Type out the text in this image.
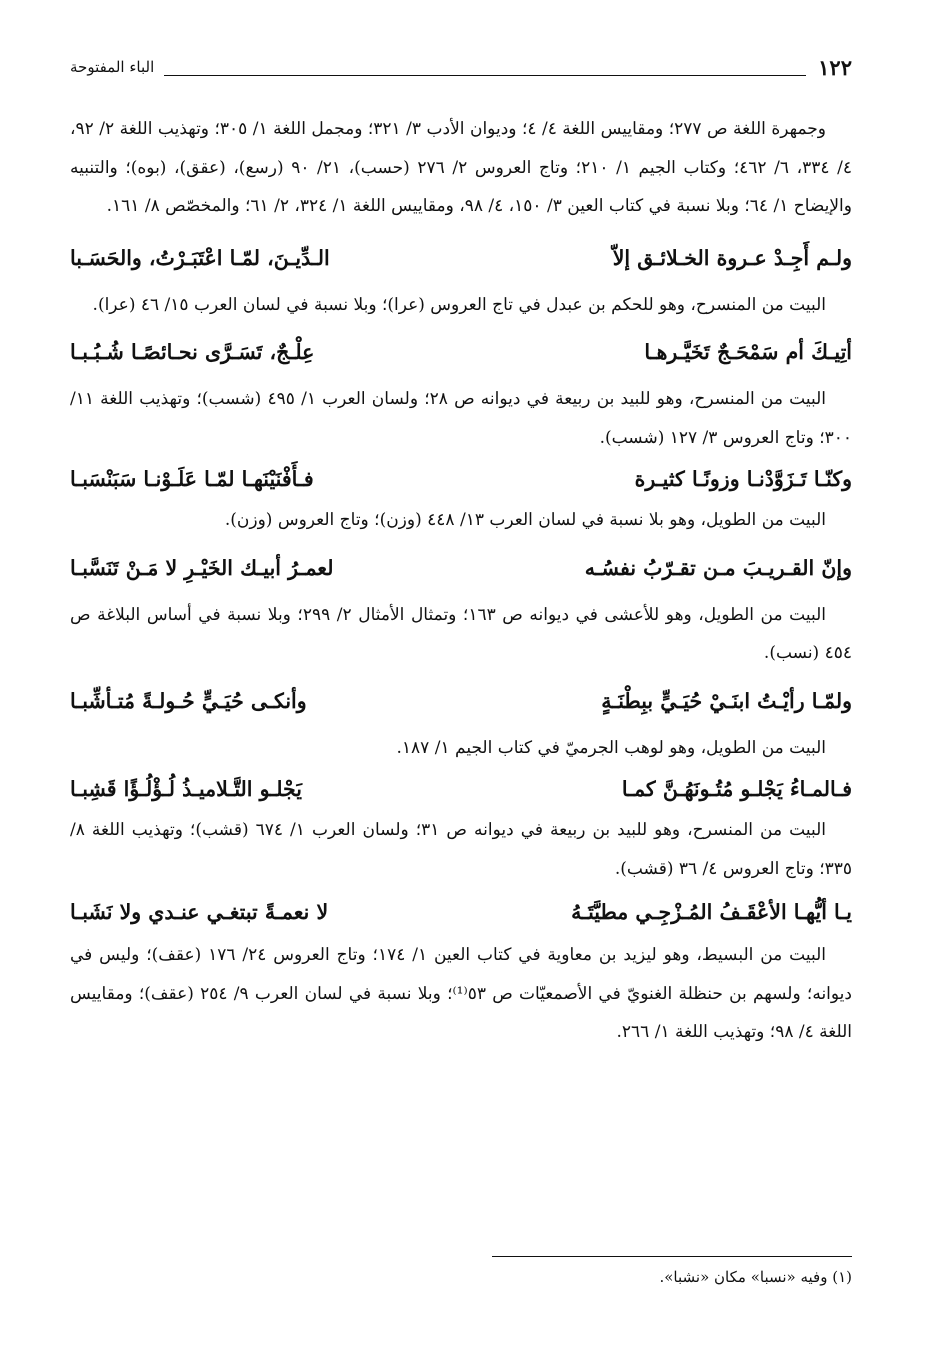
١٢٢
الباء المفتوحة

وجمهرة اللغة ص ٢٧٧؛ ومقاييس اللغة ٤/ ٤؛ وديوان الأدب ٣/ ٣٢١؛ ومجمل اللغة ١/ ٣٠٥؛ وتهذيب اللغة ٢/ ٩٢، ٤/ ٣٣٤، ٦/ ٤٦٢؛ وكتاب الجيم ١/ ٢١٠؛ وتاج العروس ٢/ ٢٧٦ (حسب)، ٢١/ ٩٠ (رسع)، (عقق)، (بوه)؛ والتنبيه والإيضاح ١/ ٦٤؛ وبلا نسبة في كتاب العين ٣/ ١٥٠، ٤/ ٩٨، ومقاييس اللغة ١/ ٣٢٤، ٢/ ٦١؛ والمخصّص ٨/ ١٦١.

ولـم أَجِـدْ عـروة الخـلائـق إلاّ
الـدِّيـنَ، لمّـا اعْتَبَـرْتُ، والحَسَـبا

البيت من المنسرح، وهو للحكم بن عبدل في تاج العروس (عرا)؛ وبلا نسبة في لسان العرب ١٥/ ٤٦ (عرا).

أتِيـكَ أم سَمْحَـجٌ تَخَيَّـرهـا
عِلْـجٌ، تَسَـرَّى نحـائصًـا شُـبُـبـا

البيت من المنسرح، وهو للبيد بن ربيعة في ديوانه ص ٢٨؛ ولسان العرب ١/ ٤٩٥ (شسب)؛ وتهذيب اللغة ١١/ ٣٠٠؛ وتاج العروس ٣/ ١٢٧ (شسب).

وكنّـا تَـزَوَّدْنـا وزونًـا كثيـرة
فـأَفْنَيْنَهـا لمّـا عَلَـوْنـا سَبَنْسَبـا

البيت من الطويل، وهو بلا نسبة في لسان العرب ١٣/ ٤٤٨ (وزن)؛ وتاج العروس (وزن).

وإنّ القـريـبَ مـن تقـرّبُ نفسُـه
لعمـرُ أبيـك الخَيْـرِ لا مَـنْ تَنَسَّبـا

البيت من الطويل، وهو للأعشى في ديوانه ص ١٦٣؛ وتمثال الأمثال ٢/ ٢٩٩؛ وبلا نسبة في أساس البلاغة ص ٤٥٤ (نسب).

ولمّـا رأيْـتُ ابنَـيْ حُيَـيٍّ ببِطْنَـةٍ
وأنكـى حُيَـيٍّ حُـولـةً مُتـأشِّبـا

البيت من الطويل، وهو لوهب الجرميّ في كتاب الجيم ١/ ١٨٧.

فـالمـاءُ يَجْلـو مُتُـونَهُـنَّ كمـا
يَجْلـو التَّـلاميـذُ لُـؤْلُـؤًا قَشِبـا

البيت من المنسرح، وهو للبيد بن ربيعة في ديوانه ص ٣١؛ ولسان العرب ١/ ٦٧٤ (قشب)؛ وتهذيب اللغة ٨/ ٣٣٥؛ وتاج العروس ٤/ ٣٦ (قشب).

يـا أيُّهـا الأعْقَـفُ المُـزْجِـي مطيَّتَـهُ
لا نعمـةً تبتغـي عنـدي ولا نَشَبـا

البيت من البسيط، وهو ليزيد بن معاوية في كتاب العين ١/ ١٧٤؛ وتاج العروس ٢٤/ ١٧٦ (عقف)؛ وليس في ديوانه؛ ولسهم بن حنظلة الغنويّ في الأصمعيّات ص ٥٣⁽¹⁾؛ وبلا نسبة في لسان العرب ٩/ ٢٥٤ (عقف)؛ ومقاييس اللغة ٤/ ٩٨؛ وتهذيب اللغة ١/ ٢٦٦.

(١) وفيه «نسبا» مكان «نشبا».
